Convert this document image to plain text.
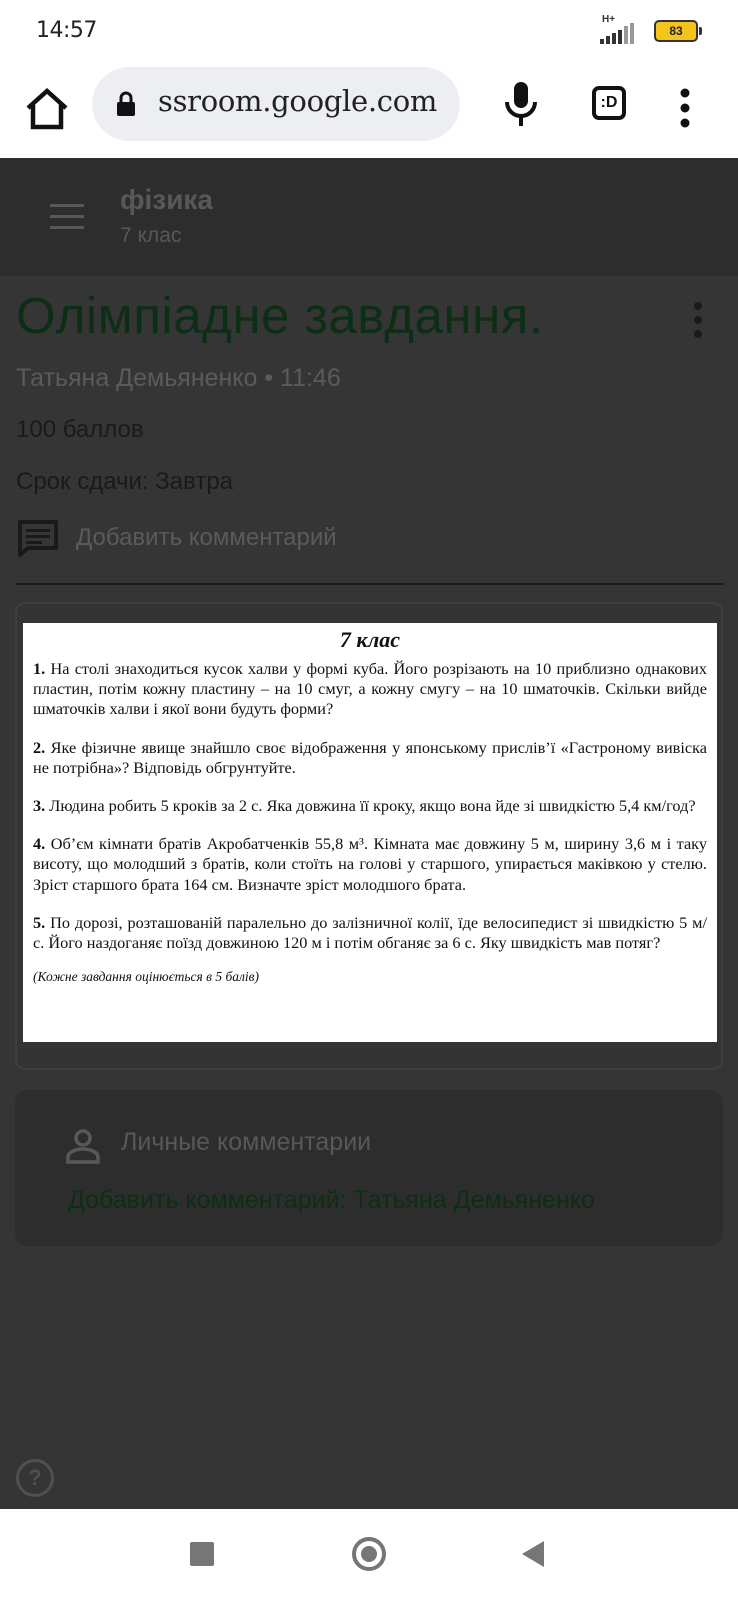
14:57	H+
83
ssroom.google.com	:D
фізика
7 клас
Олімпіадне завдання.
Татьяна Демьяненко • 11:46
100 баллов
Срок сдачи: Завтра
Добавить комментарий
7 клас
1. На столі знаходиться кусок халви у формі куба. Його розрізають на 10 приблизно однакових пластин, потім кожну пластину – на 10 смуг, а кожну смугу – на 10 шматочків. Скільки вийде шматочків халви і якої вони будуть форми?
2. Яке фізичне явище знайшло своє відображення у японському прислів’ї «Гастроному вивіска не потрібна»? Відповідь обгрунтуйте.
3. Людина робить 5 кроків за 2 с. Яка довжина її кроку, якщо вона йде зі швидкістю 5,4 км/год?
4. Об’єм кімнати братів Акробатченків 55,8 м³. Кімната має довжину 5 м, ширину 3,6 м і таку висоту, що молодший з братів, коли стоїть на голові у старшого, упирається маківкою у стелю. Зріст старшого брата 164 см. Визначте зріст молодшого брата.
5. По дорозі, розташованій паралельно до залізничної колії, їде велосипедист зі швидкістю 5 м/с. Його наздоганяє поїзд довжиною 120 м і потім обганяє за 6 с. Яку швидкість мав потяг?
(Кожне завдання оцінюється в 5 балів)
Личные комментарии
Добавить комментарий: Татьяна Демьяненко
?
